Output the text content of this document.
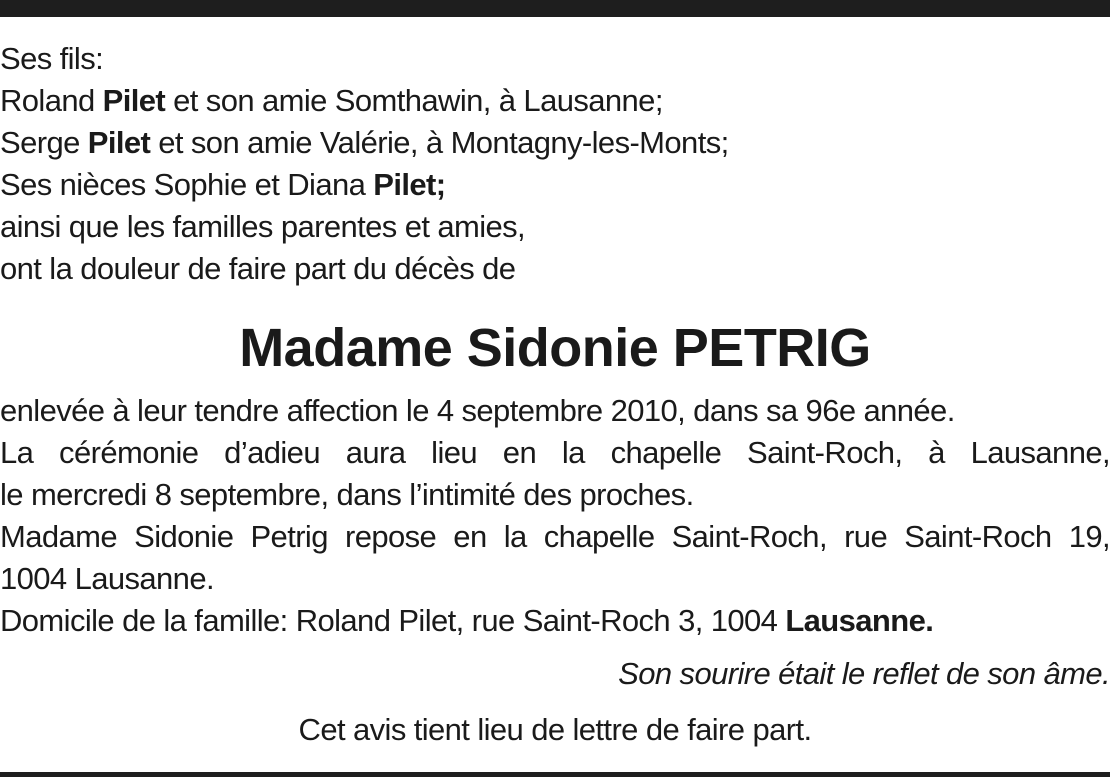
Ses fils:
Roland Pilet et son amie Somthawin, à Lausanne;
Serge Pilet et son amie Valérie, à Montagny-les-Monts;
Ses nièces Sophie et Diana Pilet;
ainsi que les familles parentes et amies,
ont la douleur de faire part du décès de
Madame Sidonie PETRIG
enlevée à leur tendre affection le 4 septembre 2010, dans sa 96e année.
La cérémonie d’adieu aura lieu en la chapelle Saint-Roch, à Lausanne,
le mercredi 8 septembre, dans l’intimité des proches.
Madame Sidonie Petrig repose en la chapelle Saint-Roch, rue Saint-Roch 19,
1004 Lausanne.
Domicile de la famille: Roland Pilet, rue Saint-Roch 3, 1004 Lausanne.
Son sourire était le reflet de son âme.
Cet avis tient lieu de lettre de faire part.
